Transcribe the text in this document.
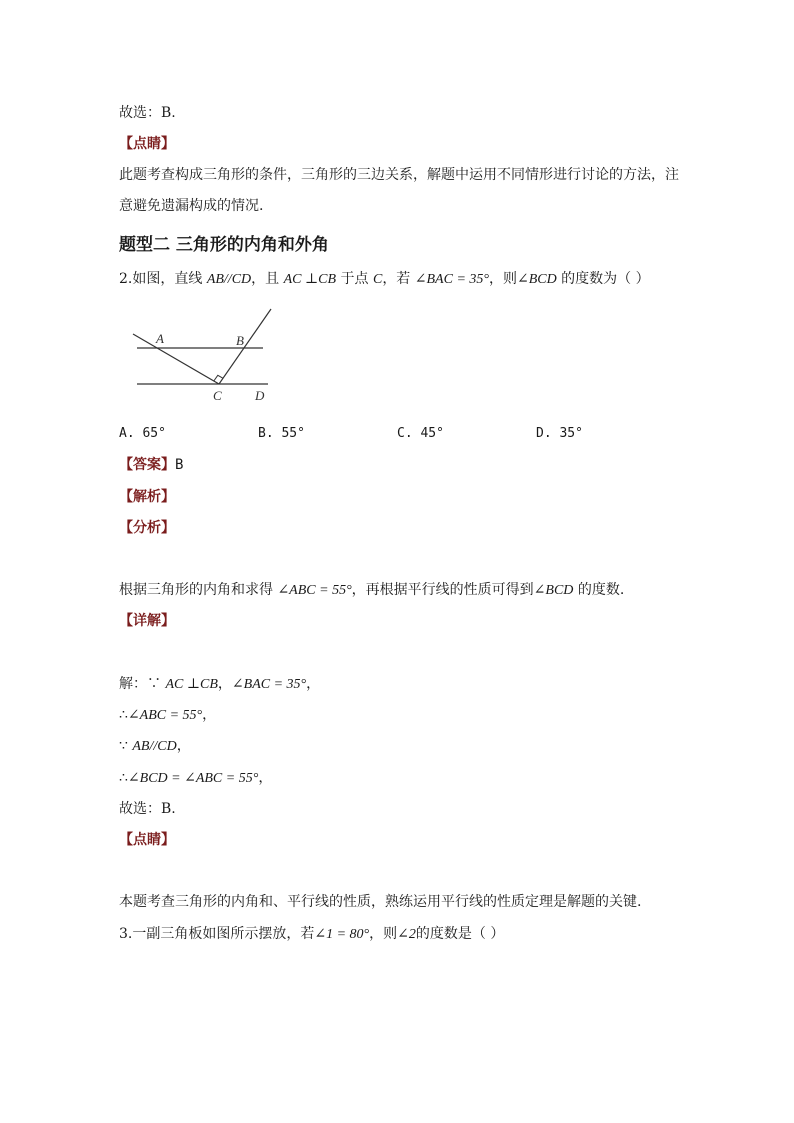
故选：B.
【点睛】
此题考查构成三角形的条件，三角形的三边关系，解题中运用不同情形进行讨论的方法，注
意避免遗漏构成的情况.
题型二 三角形的内角和外角
2.如图，直线 AB//CD，且 AC ⊥CB 于点 C，若 ∠BAC = 35°，则∠BCD 的度数为（ ）
A	B
C	D
A. 65°	B. 55°	C. 45°	D. 35°
【答案】B
【解析】
【分析】
根据三角形的内角和求得 ∠ABC = 55°，再根据平行线的性质可得到∠BCD 的度数.
【详解】
解：∵ AC ⊥CB，∠BAC = 35°，
∴∠ABC = 55°，
∵ AB//CD，
∴∠BCD = ∠ABC = 55°，
故选：B.
【点睛】
本题考查三角形的内角和、平行线的性质，熟练运用平行线的性质定理是解题的关键.
3.一副三角板如图所示摆放，若∠1 = 80°，则∠2的度数是（ ）
